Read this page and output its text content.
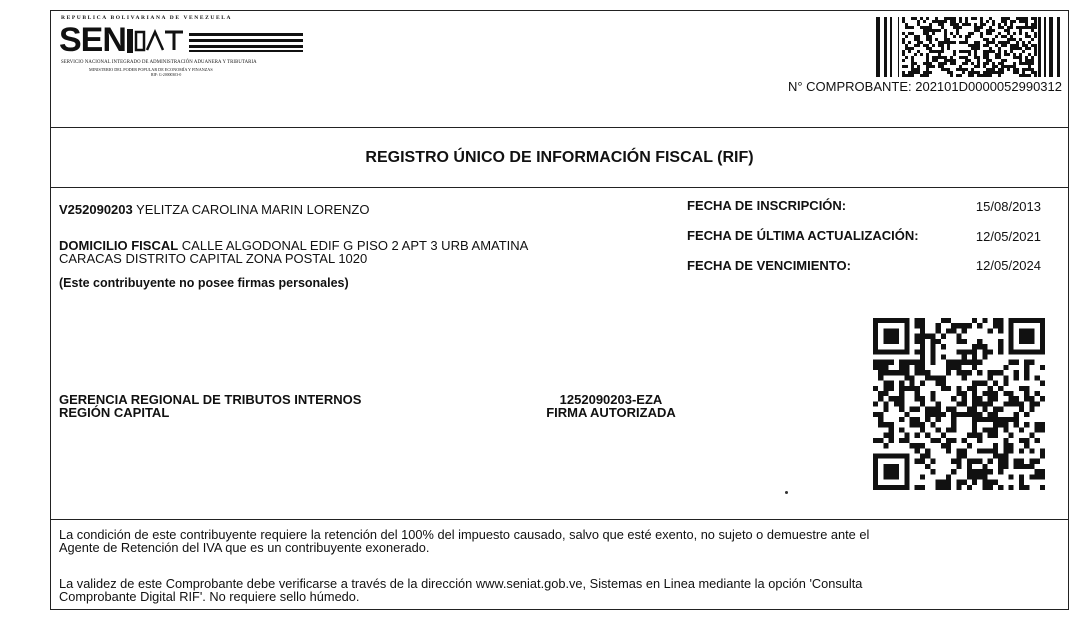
REPUBLICA BOLIVARIANA DE VENEZUELA
SEN
SERVICIO NACIONAL INTEGRADO DE ADMINISTRACIÓN ADUANERA Y TRIBUTARIA
MINISTERIO DEL PODER POPULAR DE ECONOMÍA Y FINANZAS
RIF: G-20000303-0
N° COMPROBANTE: 202101D0000052990312
REGISTRO ÚNICO DE INFORMACIÓN FISCAL (RIF)
V252090203 YELITZA CAROLINA MARIN LORENZO
DOMICILIO FISCAL CALLE ALGODONAL EDIF G PISO 2 APT 3 URB AMATINA
CARACAS DISTRITO CAPITAL ZONA POSTAL 1020
(Este contribuyente no posee firmas personales)
FECHA DE INSCRIPCIÓN:	15/08/2013
FECHA DE ÚLTIMA ACTUALIZACIÓN:	12/05/2021
FECHA DE VENCIMIENTO:	12/05/2024
GERENCIA REGIONAL DE TRIBUTOS INTERNOS
REGIÓN CAPITAL
1252090203-EZA
FIRMA AUTORIZADA
La condición de este contribuyente requiere la retención del 100% del impuesto causado, salvo que esté exento, no sujeto o demuestre ante el
Agente de Retención del IVA que es un contribuyente exonerado.
La validez de este Comprobante debe verificarse a través de la dirección www.seniat.gob.ve, Sistemas en Linea mediante la opción 'Consulta
Comprobante Digital RIF'. No requiere sello húmedo.
